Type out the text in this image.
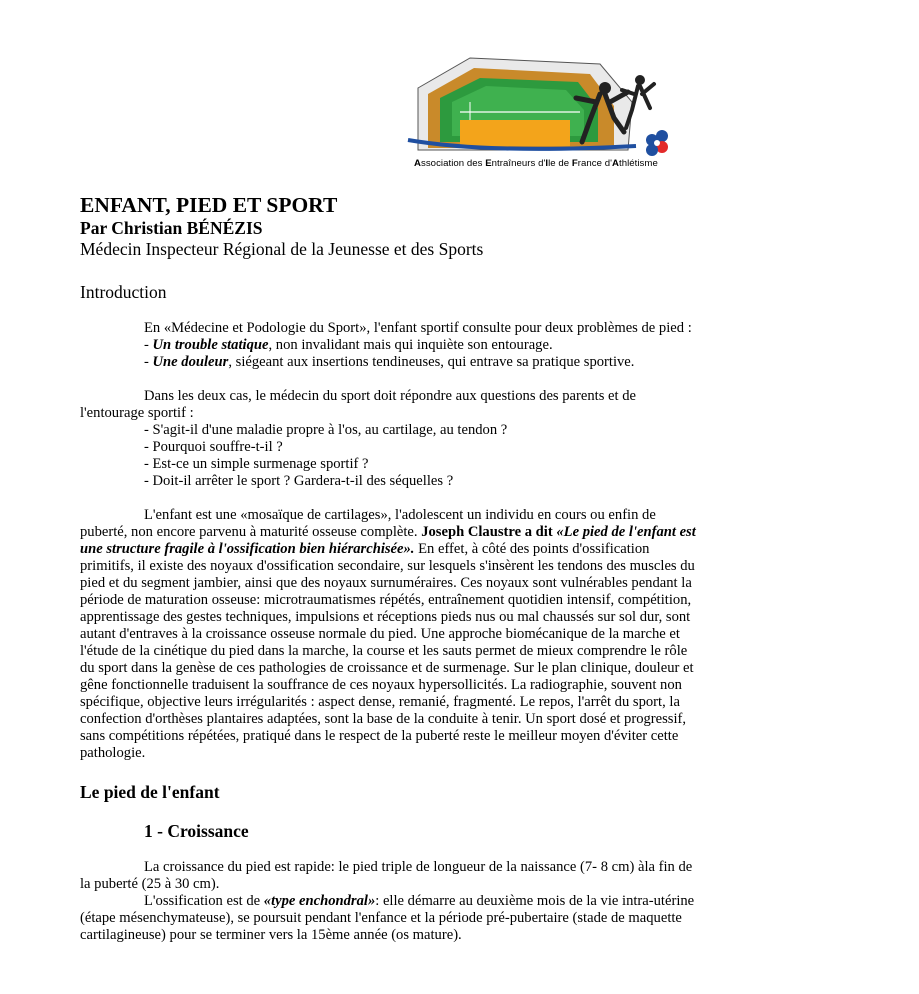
AEIFA
Association des Entraîneurs d'Ile de France d'Athlétisme
ENFANT, PIED ET SPORT
Par Christian BÉNÉZIS
Médecin Inspecteur Régional de la Jeunesse et des Sports
Introduction

En «Médecine et Podologie du Sport», l'enfant sportif consulte pour deux problèmes de pied :

- Un trouble statique, non invalidant mais qui inquiète son entourage.

- Une douleur, siégeant aux insertions tendineuses, qui entrave sa pratique sportive.

Dans les deux cas, le médecin du sport doit répondre aux questions des parents et de l'entourage sportif :

- S'agit-il d'une maladie propre à l'os, au cartilage, au tendon ?

- Pourquoi souffre-t-il ?

- Est-ce un simple surmenage sportif ?

- Doit-il arrêter le sport ? Gardera-t-il des séquelles ?

L'enfant est une «mosaïque de cartilages», l'adolescent un individu en cours ou enfin de puberté, non encore parvenu à maturité osseuse complète. Joseph Claustre a dit «Le pied de l'enfant est une structure fragile à l'ossification bien hiérarchisée». En effet, à côté des points d'ossification primitifs, il existe des noyaux d'ossification secondaire, sur lesquels s'insèrent les tendons des muscles du pied et du segment jambier, ainsi que des noyaux surnuméraires. Ces noyaux sont vulnérables pendant la période de maturation osseuse: microtraumatismes répétés, entraînement quotidien intensif, compétition, apprentissage des gestes techniques, impulsions et réceptions pieds nus ou mal chaussés sur sol dur, sont autant d'entraves à la croissance osseuse normale du pied. Une approche biomécanique de la marche et l'étude de la cinétique du pied dans la marche, la course et les sauts permet de mieux comprendre le rôle du sport dans la genèse de ces pathologies de croissance et de surmenage. Sur le plan clinique, douleur et gêne fonctionnelle traduisent la souffrance de ces noyaux hypersollicités. La radiographie, souvent non spécifique, objective leurs irrégularités : aspect dense, remanié, fragmenté. Le repos, l'arrêt du sport, la confection d'orthèses plantaires adaptées, sont la base de la conduite à tenir. Un sport dosé et progressif, sans compétitions répétées, pratiqué dans le respect de la puberté reste le meilleur moyen d'éviter cette pathologie.

Le pied de l'enfant
1 - Croissance

La croissance du pied est rapide: le pied triple de longueur de la naissance (7- 8 cm) àla fin de la puberté (25 à 30 cm).

L'ossification est de «type enchondral»: elle démarre au deuxième mois de la vie intra-utérine (étape mésenchymateuse), se poursuit pendant l'enfance et la période pré-pubertaire (stade de maquette cartilagineuse) pour se terminer vers la 15ème année (os mature).
